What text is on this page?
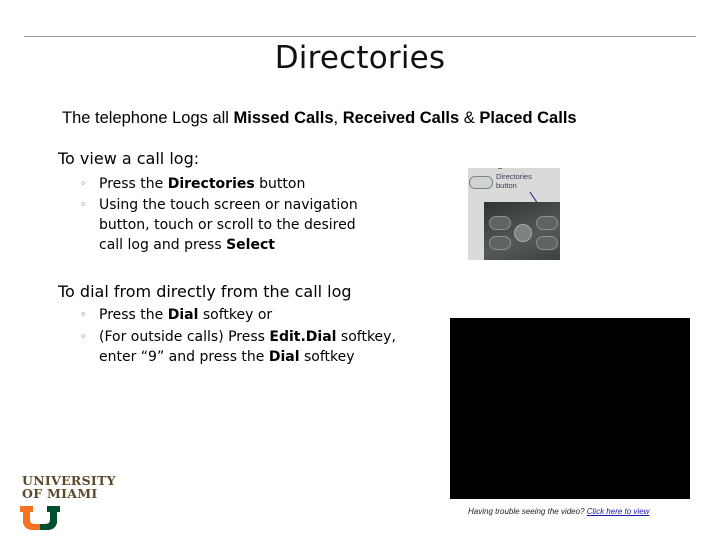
Directories
The telephone Logs all Missed Calls, Received Calls & Placed Calls
To view a call log:
◦ Press the Directories button
◦ Using the touch screen or navigation
button, touch or scroll to the desired
call log and press Select
Directories
button
To dial from directly from the call log
◦ Press the Dial softkey or
◦ (For outside calls) Press Edit.Dial softkey,
enter “9” and press the Dial softkey
Having trouble seeing the video? Click here to view
UNIVERSITY
OF MIAMI
